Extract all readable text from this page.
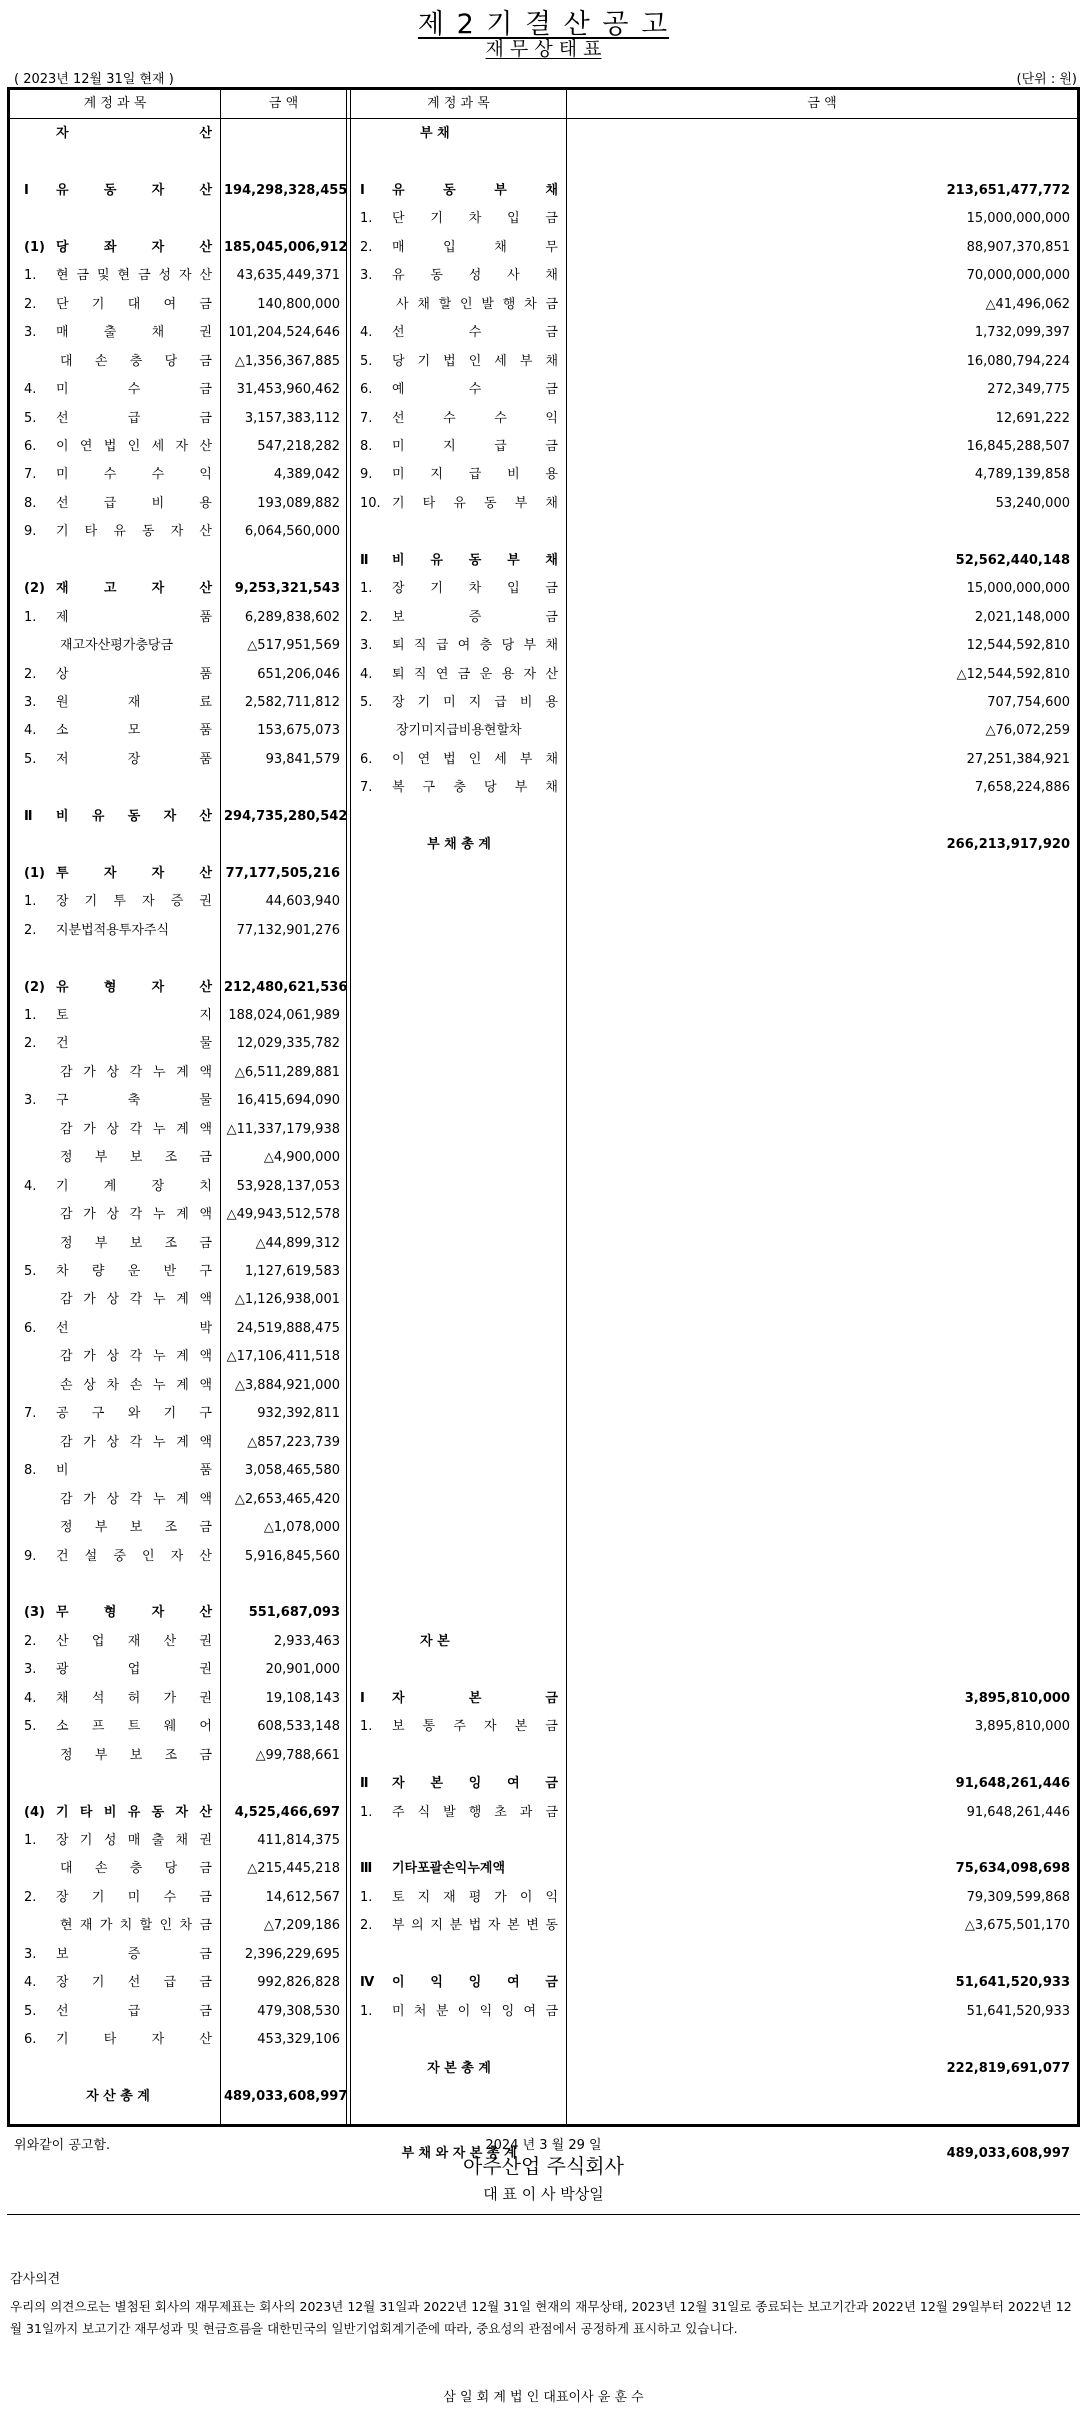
제 2 기 결 산 공 고
재 무 상 태 표
( 2023년 12월 31일 현재 )	(단위 : 원)
계 정 과 목	금 액	계 정 과 목	금 액
자 산
Ⅰ	유 동 자 산 194,298,328,455
(1) 당 좌 자 산 185,045,006,912
1.	현 금 및 현 금 성 자 산	43,635,449,371
2.	단 기 대 여 금	140,800,000
3.	매 출 채 권	101,204,524,646
대 손 충 당 금	△1,356,367,885
4.	미 수 금	31,453,960,462
5.	선 급 금	3,157,383,112
6.	이 연 법 인 세 자 산	547,218,282
7.	미 수 수 익	4,389,042
8.	선 급 비 용	193,089,882
9.	기 타 유 동 자 산	6,064,560,000
(2) 재 고 자 산	9,253,321,543
1.	제 품	6,289,838,602
재고자산평가충당금	△517,951,569
2.	상 품	651,206,046
3.	원 재 료	2,582,711,812
4.	소 모 품	153,675,073
5.	저 장 품	93,841,579
Ⅱ	비 유 동 자 산 294,735,280,542
(1) 투 자 자 산 77,177,505,216
1.	장 기 투 자 증 권	44,603,940
2.	지분법적용투자주식	77,132,901,276
(2) 유 형 자 산 212,480,621,536
1.	토 지	188,024,061,989
2.	건 물	12,029,335,782
감 가 상 각 누 계 액	△6,511,289,881
3.	구 축 물	16,415,694,090
감 가 상 각 누 계 액 △11,337,179,938
정 부 보 조 금	△4,900,000
4.	기 계 장 치	53,928,137,053
감 가 상 각 누 계 액 △49,943,512,578
정 부 보 조 금	△44,899,312
5.	차 량 운 반 구	1,127,619,583
감 가 상 각 누 계 액	△1,126,938,001
6.	선 박	24,519,888,475
감 가 상 각 누 계 액 △17,106,411,518
손 상 차 손 누 계 액	△3,884,921,000
7.	공 구 와 기 구	932,392,811
감 가 상 각 누 계 액	△857,223,739
8.	비 품	3,058,465,580
감 가 상 각 누 계 액	△2,653,465,420
정 부 보 조 금	△1,078,000
9.	건 설 중 인 자 산	5,916,845,560
(3) 무 형 자 산	551,687,093
2.	산 업 재 산 권	2,933,463
3.	광 업 권	20,901,000
4.	채 석 허 가 권	19,108,143
5.	소 프 트 웨 어	608,533,148
정 부 보 조 금	△99,788,661
(4) 기 타 비 유 동 자 산	4,525,466,697
1.	장 기 성 매 출 채 권	411,814,375
대 손 충 당 금	△215,445,218
2.	장 기 미 수 금	14,612,567
현 재 가 치 할 인 차 금	△7,209,186
3.	보 증 금	2,396,229,695
4.	장 기 선 급 금	992,826,828
5.	선 급 금	479,308,530
6.	기 타 자 산	453,329,106
자 산 총 계	489,033,608,997
부 채
Ⅰ	유 동 부 채	213,651,477,772
1.	단 기 차 입 금	15,000,000,000
2.	매 입 채 무	88,907,370,851
3.	유 동 성 사 채	70,000,000,000
사 채 할 인 발 행 차 금	△41,496,062
4.	선 수 금	1,732,099,397
5.	당 기 법 인 세 부 채	16,080,794,224
6.	예 수 금	272,349,775
7.	선 수 수 익	12,691,222
8.	미 지 급 금	16,845,288,507
9.	미 지 급 비 용	4,789,139,858
10. 기 타 유 동 부 채	53,240,000
Ⅱ	비 유 동 부 채	52,562,440,148
1.	장 기 차 입 금	15,000,000,000
2.	보 증 금	2,021,148,000
3.	퇴 직 급 여 충 당 부 채	12,544,592,810
4.	퇴 직 연 금 운 용 자 산	△12,544,592,810
5.	장 기 미 지 급 비 용	707,754,600
장기미지급비용현할차	△76,072,259
6.	이 연 법 인 세 부 채	27,251,384,921
7.	복 구 충 당 부 채	7,658,224,886
부 채 총 계	266,213,917,920
자 본
Ⅰ	자 본 금	3,895,810,000
1.	보 통 주 자 본 금	3,895,810,000
Ⅱ	자 본 잉 여 금	91,648,261,446
1.	주 식 발 행 초 과 금	91,648,261,446
Ⅲ	기타포괄손익누계액	75,634,098,698
1.	토 지 재 평 가 이 익	79,309,599,868
2.	부 의 지 분 법 자 본 변 동	△3,675,501,170
Ⅳ	이 익 잉 여 금	51,641,520,933
1.	미 처 분 이 익 잉 여 금	51,641,520,933
자 본 총 계	222,819,691,077
부 채 와 자 본 총 계	489,033,608,997
위와같이 공고함.	2024 년 3 월 29 일
아주산업 주식회사
대 표 이 사 박상일
감사의견
우리의 의견으로는 별첨된 회사의 재무제표는 회사의 2023년 12월 31일과 2022년 12월 31일 현재의 재무상태, 2023년 12월 31일로 종료되는 보고기간과 2022년 12월 29일부터 2022년 12월 31일까지 보고기간 재무성과 및 현금흐름을 대한민국의 일반기업회계기준에 따라, 중요성의 관점에서 공정하게 표시하고 있습니다.
삼 일 회 계 법 인 대표이사 윤 훈 수
